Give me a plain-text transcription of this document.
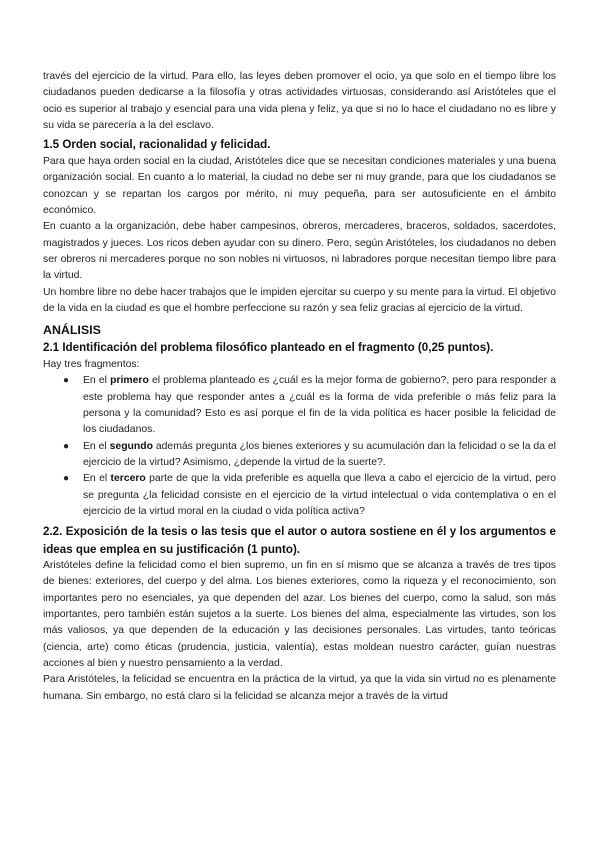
través del ejercicio de la virtud. Para ello, las leyes deben promover el ocio, ya que solo en el tiempo libre los ciudadanos pueden dedicarse a la filosofía y otras actividades virtuosas, considerando así Aristóteles que el ocio es superior al trabajo y esencial para una vida plena y feliz, ya que si no lo hace el ciudadano no es libre y su vida se parecería a la del esclavo.

1.5 Orden social, racionalidad y felicidad.

Para que haya orden social en la ciudad, Aristóteles dice que se necesitan condiciones materiales y una buena organización social. En cuanto a lo material, la ciudad no debe ser ni muy grande, para que los ciudadanos se conozcan y se repartan los cargos por mérito, ni muy pequeña, para ser autosuficiente en el ámbito económico.

En cuanto a la organización, debe haber campesinos, obreros, mercaderes, braceros, soldados, sacerdotes, magistrados y jueces. Los ricos deben ayudar con su dinero. Pero, según Aristóteles, los ciudadanos no deben ser obreros ni mercaderes porque no son nobles ni virtuosos, ni labradores porque necesitan tiempo libre para la virtud.

Un hombre libre no debe hacer trabajos que le impiden ejercitar su cuerpo y su mente para la virtud. El objetivo de la vida en la ciudad es que el hombre perfeccione su razón y sea feliz gracias al ejercicio de la virtud.

ANÁLISIS
2.1 Identificación del problema filosófico planteado en el fragmento (0,25 puntos).

Hay tres fragmentos:

● En el primero el problema planteado es ¿cuál es la mejor forma de gobierno?, pero para responder a este problema hay que responder antes a ¿cuál es la forma de vida preferible o más feliz para la persona y la comunidad? Esto es así porque el fin de la vida política es hacer posible la felicidad de los ciudadanos.
● En el segundo además pregunta ¿los bienes exteriores y su acumulación dan la felicidad o se la da el ejercicio de la virtud? Asimismo, ¿depende la virtud de la suerte?.
● En el tercero parte de que la vida preferible es aquella que lleva a cabo el ejercicio de la virtud, pero se pregunta ¿la felicidad consiste en el ejercicio de la virtud intelectual o vida contemplativa o en el ejercicio de la virtud moral en la ciudad o vida política activa?
2.2. Exposición de la tesis o las tesis que el autor o autora sostiene en él y los argumentos e ideas que emplea en su justificación (1 punto).

Aristóteles define la felicidad como el bien supremo, un fin en sí mismo que se alcanza a través de tres tipos de bienes: exteriores, del cuerpo y del alma. Los bienes exteriores, como la riqueza y el reconocimiento, son importantes pero no esenciales, ya que dependen del azar. Los bienes del cuerpo, como la salud, son más importantes, pero también están sujetos a la suerte. Los bienes del alma, especialmente las virtudes, son los más valiosos, ya que dependen de la educación y las decisiones personales. Las virtudes, tanto teóricas (ciencia, arte) como éticas (prudencia, justicia, valentía), estas moldean nuestro carácter, guían nuestras acciones al bien y nuestro pensamiento a la verdad.

Para Aristóteles, la felicidad se encuentra en la práctica de la virtud, ya que la vida sin virtud no es plenamente humana. Sin embargo, no está claro si la felicidad se alcanza mejor a través de la virtud
